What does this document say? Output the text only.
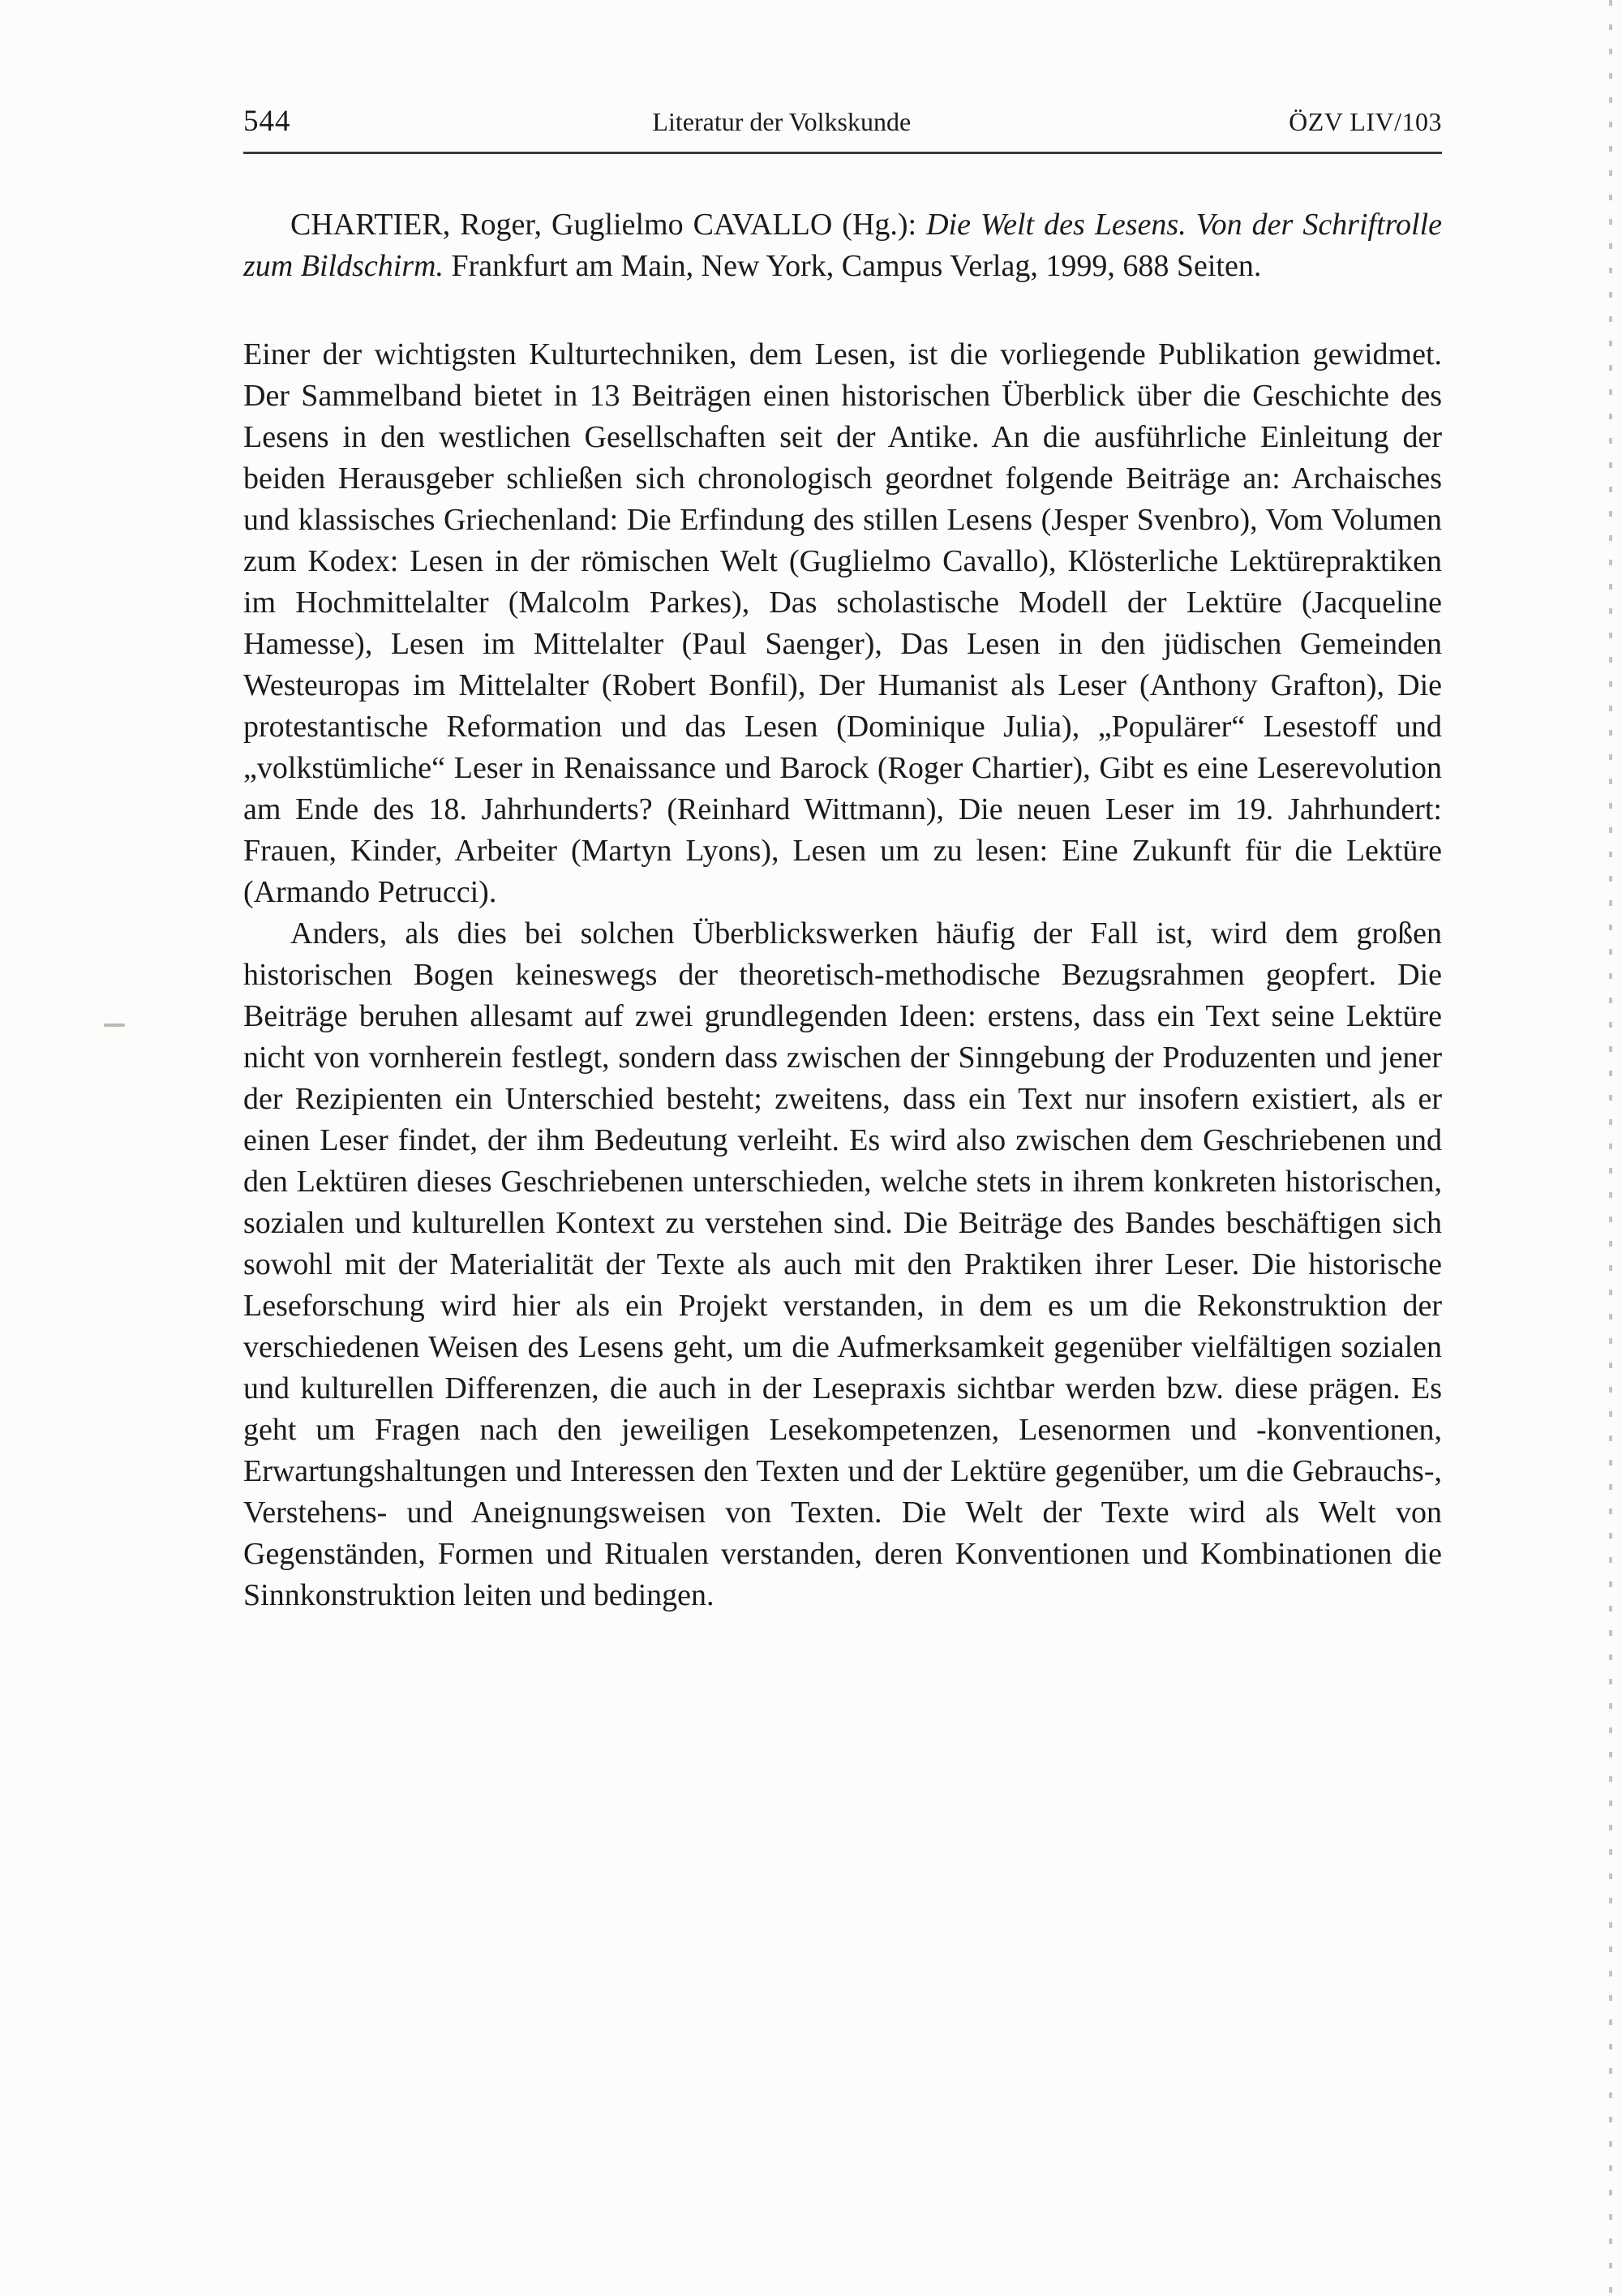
544	Literatur der Volkskunde	ÖZV LIV/103

CHARTIER, Roger, Guglielmo CAVALLO (Hg.): Die Welt des Lesens. Von der Schriftrolle zum Bildschirm. Frankfurt am Main, New York, Campus Verlag, 1999, 688 Seiten.

Einer der wichtigsten Kulturtechniken, dem Lesen, ist die vorliegende Publikation gewidmet. Der Sammelband bietet in 13 Beiträgen einen historischen Überblick über die Geschichte des Lesens in den westlichen Gesellschaften seit der Antike. An die ausführliche Einleitung der beiden Herausgeber schließen sich chronologisch geordnet folgende Beiträge an: Archaisches und klassisches Griechenland: Die Erfindung des stillen Lesens (Jesper Svenbro), Vom Volumen zum Kodex: Lesen in der römischen Welt (Guglielmo Cavallo), Klösterliche Lektürepraktiken im Hochmittelalter (Malcolm Parkes), Das scholastische Modell der Lektüre (Jacqueline Hamesse), Lesen im Mittelalter (Paul Saenger), Das Lesen in den jüdischen Gemeinden Westeuropas im Mittelalter (Robert Bonfil), Der Humanist als Leser (Anthony Grafton), Die protestantische Reformation und das Lesen (Dominique Julia), „Populärer“ Lesestoff und „volkstümliche“ Leser in Renaissance und Barock (Roger Chartier), Gibt es eine Leserevolution am Ende des 18. Jahrhunderts? (Reinhard Wittmann), Die neuen Leser im 19. Jahrhundert: Frauen, Kinder, Arbeiter (Martyn Lyons), Lesen um zu lesen: Eine Zukunft für die Lektüre (Armando Petrucci).

Anders, als dies bei solchen Überblickswerken häufig der Fall ist, wird dem großen historischen Bogen keineswegs der theoretisch-methodische Bezugsrahmen geopfert. Die Beiträge beruhen allesamt auf zwei grundlegenden Ideen: erstens, dass ein Text seine Lektüre nicht von vornherein festlegt, sondern dass zwischen der Sinngebung der Produzenten und jener der Rezipienten ein Unterschied besteht; zweitens, dass ein Text nur insofern existiert, als er einen Leser findet, der ihm Bedeutung verleiht. Es wird also zwischen dem Geschriebenen und den Lektüren dieses Geschriebenen unterschieden, welche stets in ihrem konkreten historischen, sozialen und kulturellen Kontext zu verstehen sind. Die Beiträge des Bandes beschäftigen sich sowohl mit der Materialität der Texte als auch mit den Praktiken ihrer Leser. Die historische Leseforschung wird hier als ein Projekt verstanden, in dem es um die Rekonstruktion der verschiedenen Weisen des Lesens geht, um die Aufmerksamkeit gegenüber vielfältigen sozialen und kulturellen Differenzen, die auch in der Lesepraxis sichtbar werden bzw. diese prägen. Es geht um Fragen nach den jeweiligen Lesekompetenzen, Lesenormen und -konventionen, Erwartungshaltungen und Interessen den Texten und der Lektüre gegenüber, um die Gebrauchs-, Verstehens- und Aneignungsweisen von Texten. Die Welt der Texte wird als Welt von Gegenständen, Formen und Ritualen verstanden, deren Konventionen und Kombinationen die Sinnkonstruktion leiten und bedingen.
